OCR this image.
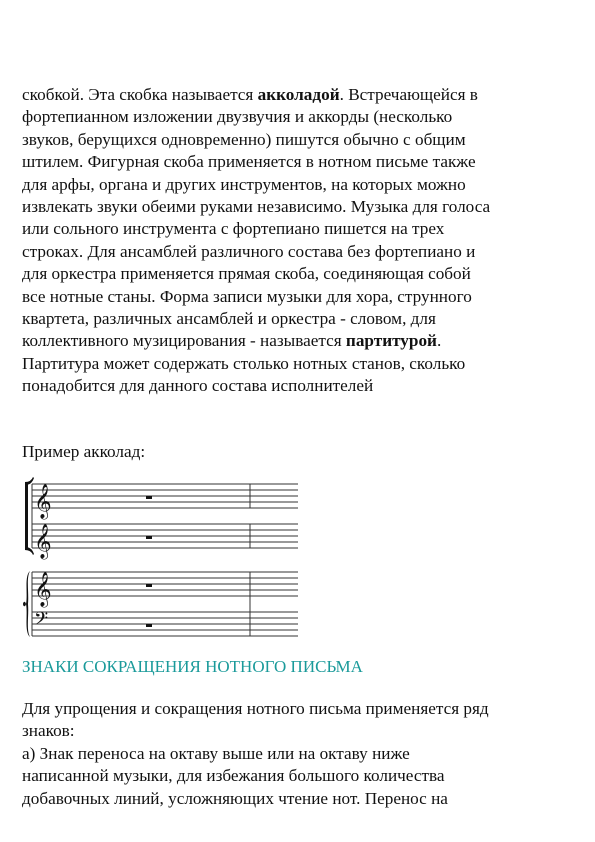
скобкой. Эта скобка называется акколадой. Встречающейся в
фортепианном изложении двузвучия и аккорды (несколько
звуков, берущихся одновременно) пишутся обычно с общим
штилем. Фигурная скоба применяется в нотном письме также
для арфы, органа и других инструментов, на которых можно
извлекать звуки обеими руками независимо. Музыка для голоса
или сольного инструмента с фортепиано пишется на трех
строках. Для ансамблей различного состава без фортепиано и
для оркестра применяется прямая скоба, соединяющая собой
все нотные станы. Форма записи музыки для хора, струнного
квартета, различных ансамблей и оркестра - словом, для
коллективного музицирования - называется партитурой.
Партитура может содержать столько нотных станов, сколько
понадобится для данного состава исполнителей

Пример акколад:

𝄞
𝄞
𝄞
𝄢
ЗНАКИ СОКРАЩЕНИЯ НОТНОГО ПИСЬМА

Для упрощения и сокращения нотного письма применяется ряд
знаков:
а) Знак переноса на октаву выше или на октаву ниже
написанной музыки, для избежания большого количества
добавочных линий, усложняющих чтение нот. Перенос на
